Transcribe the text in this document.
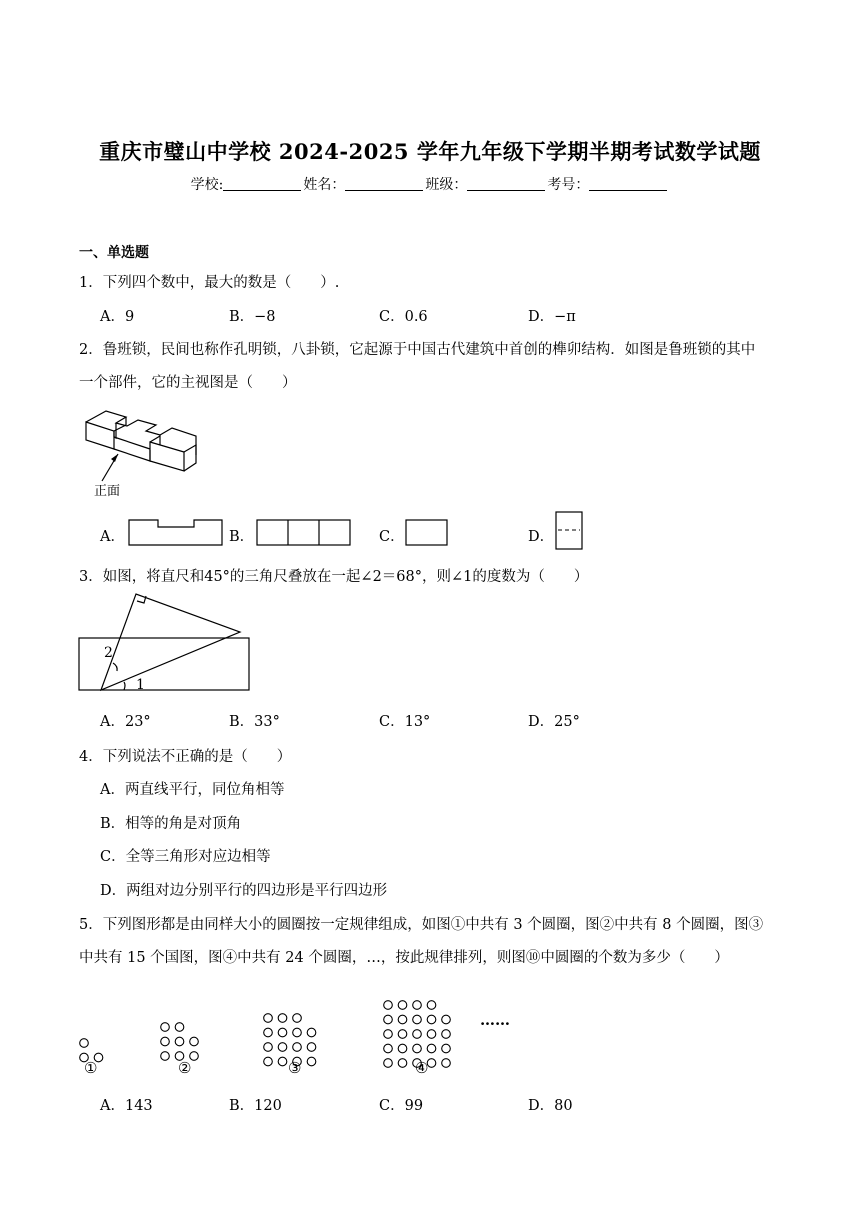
重庆市璧山中学校 2024-2025 学年九年级下学期半期考试数学试题
学校:	姓名：	班级：	考号：
一、单选题
1．下列四个数中，最大的数是（　　）.
A．9	B．−8	C．0.6	D．−π
2．鲁班锁，民间也称作孔明锁，八卦锁，它起源于中国古代建筑中首创的榫卯结构．如图是鲁班锁的其中
一个部件，它的主视图是（　　）
正面
A．	B．	C．	D．
3．如图，将直尺和45°的三角尺叠放在一起∠2＝68°，则∠1的度数为（　　）
2
1
A．23°	B．33°	C．13°	D．25°
4．下列说法不正确的是（　　）
A．两直线平行，同位角相等
B．相等的角是对顶角
C．全等三角形对应边相等
D．两组对边分别平行的四边形是平行四边形
5．下列图形都是由同样大小的圆圈按一定规律组成，如图①中共有 3 个圆圈，图②中共有 8 个圆圈，图③
中共有 15 个国图，图④中共有 24 个圆圈，…，按此规律排列，则图⑩中圆圈的个数为多少（　　）
①	②	③	④
……
A．143	B．120	C．99	D．80
